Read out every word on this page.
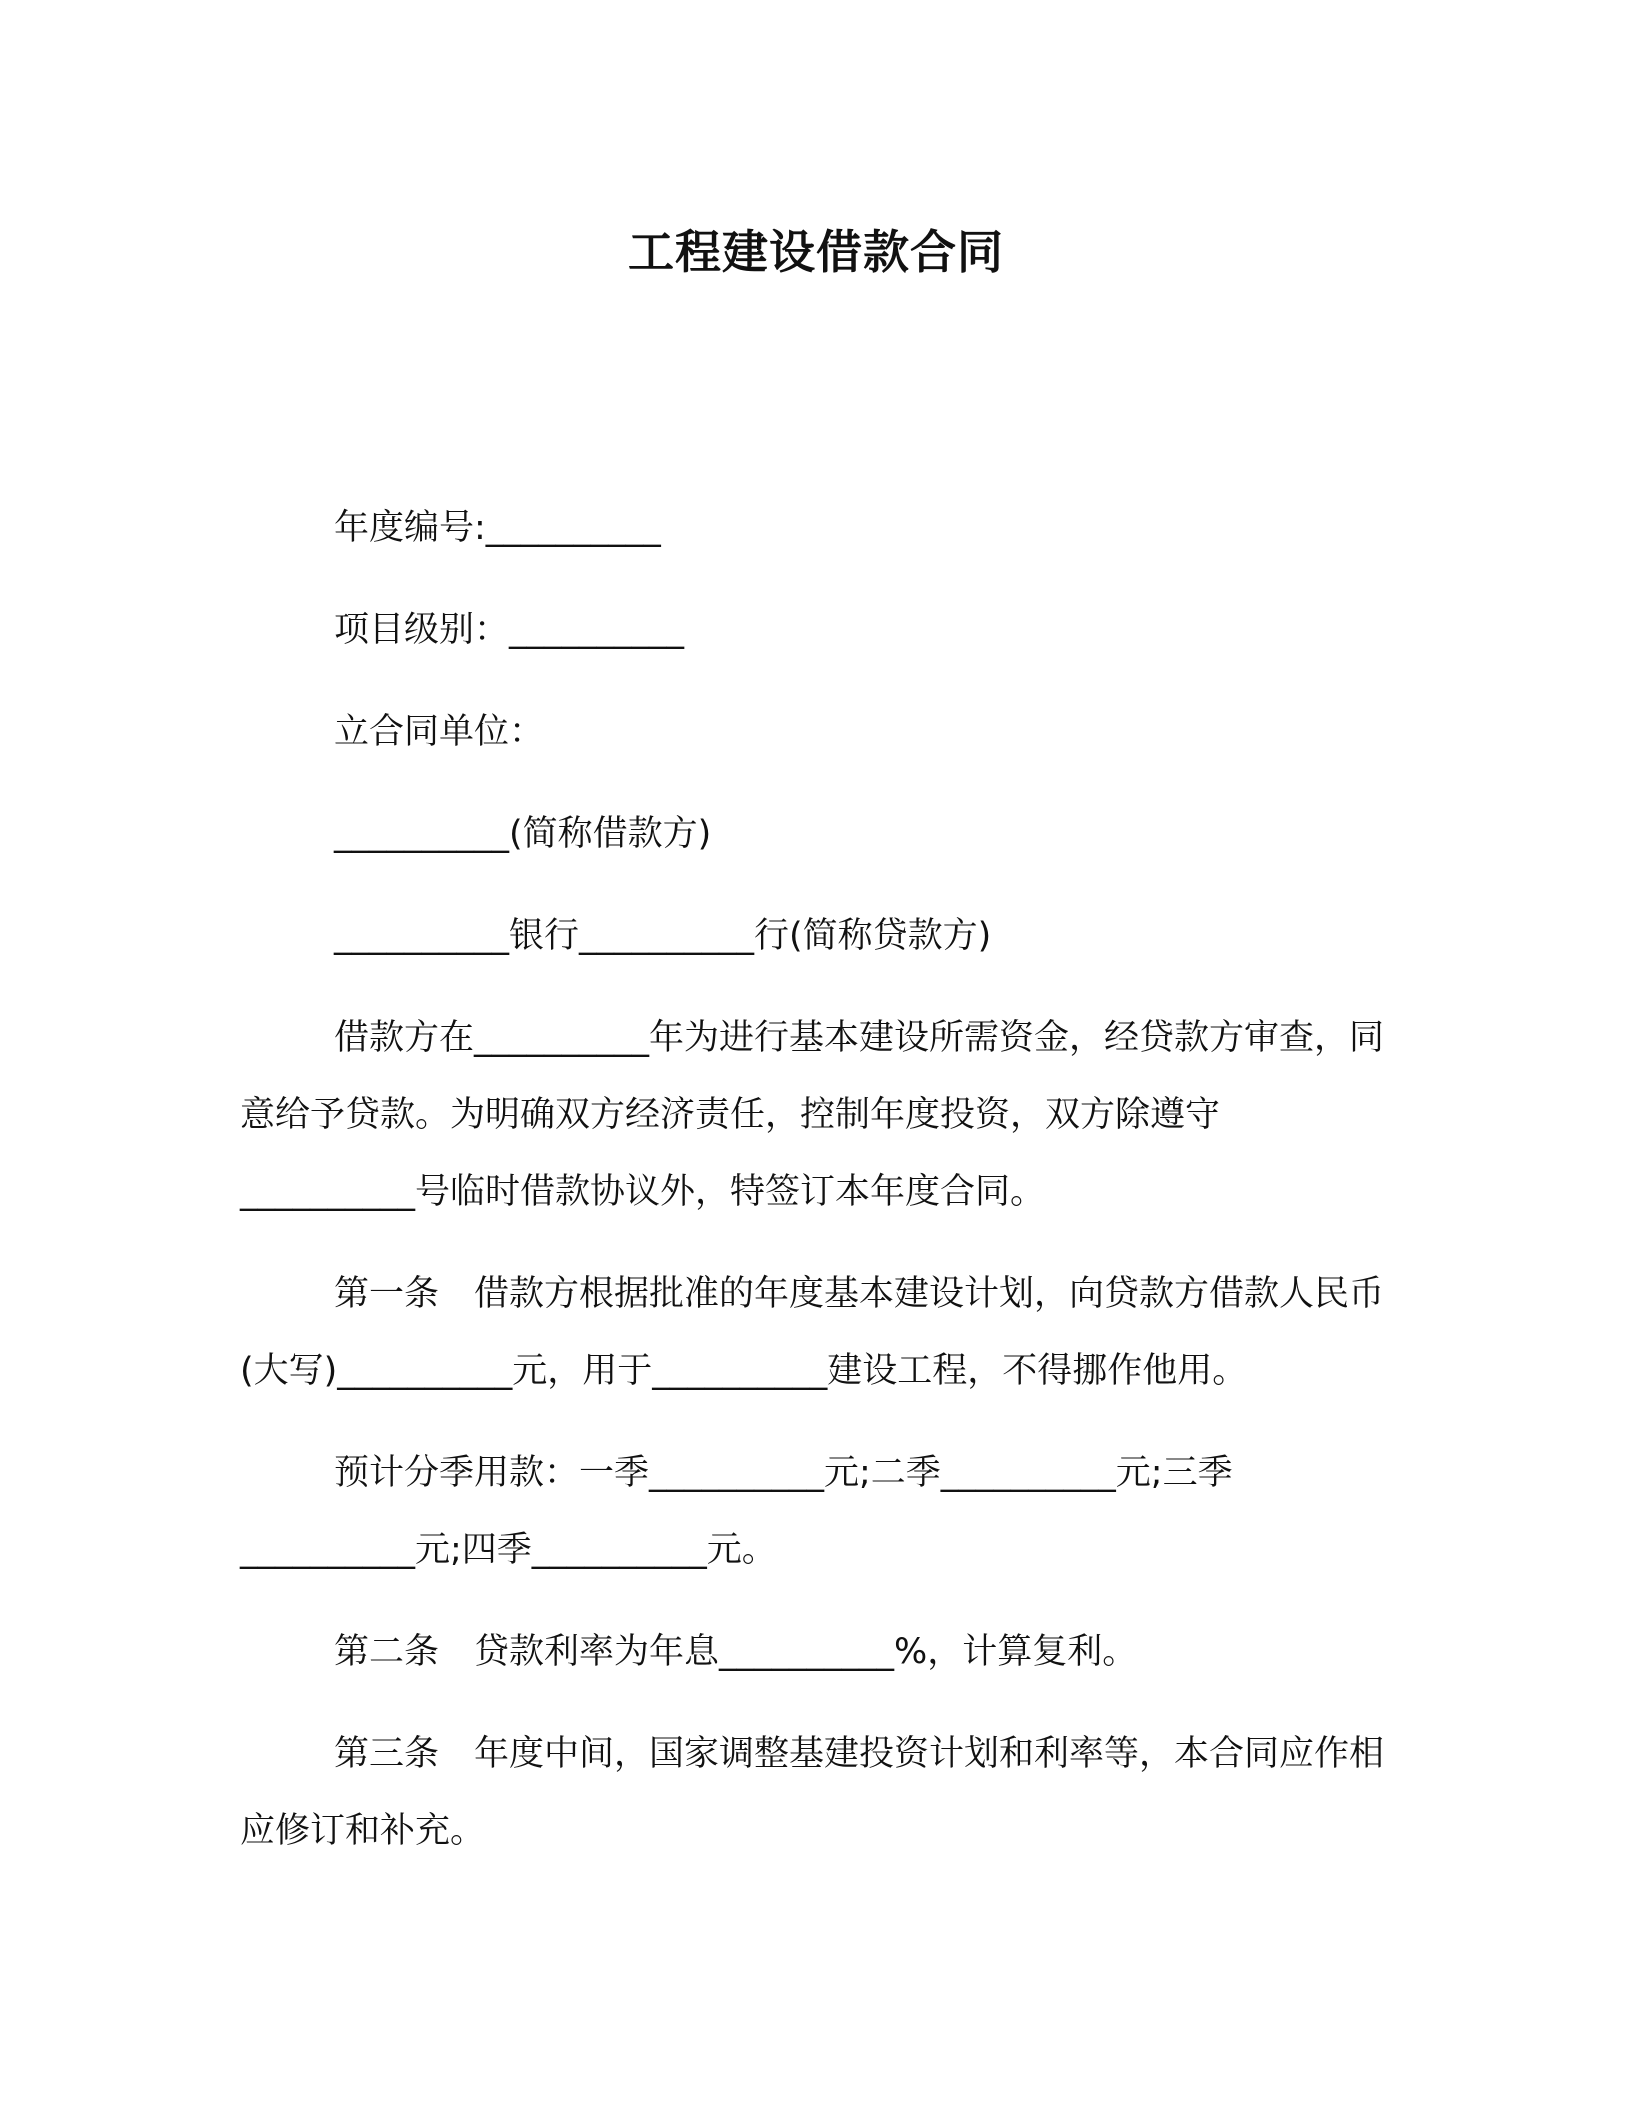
工程建设借款合同

年度编号:__________

项目级别：__________

立合同单位：

__________(简称借款方)

__________银行__________行(简称贷款方)

借款方在__________年为进行基本建设所需资金，经贷款方审查，同意给予贷款。为明确双方经济责任，控制年度投资，双方除遵守__________号临时借款协议外，特签订本年度合同。

第一条　借款方根据批准的年度基本建设计划，向贷款方借款人民币(大写)__________元，用于__________建设工程，不得挪作他用。

预计分季用款：一季__________元;二季__________元;三季__________元;四季__________元。

第二条　贷款利率为年息__________%，计算复利。

第三条　年度中间，国家调整基建投资计划和利率等，本合同应作相应修订和补充。
